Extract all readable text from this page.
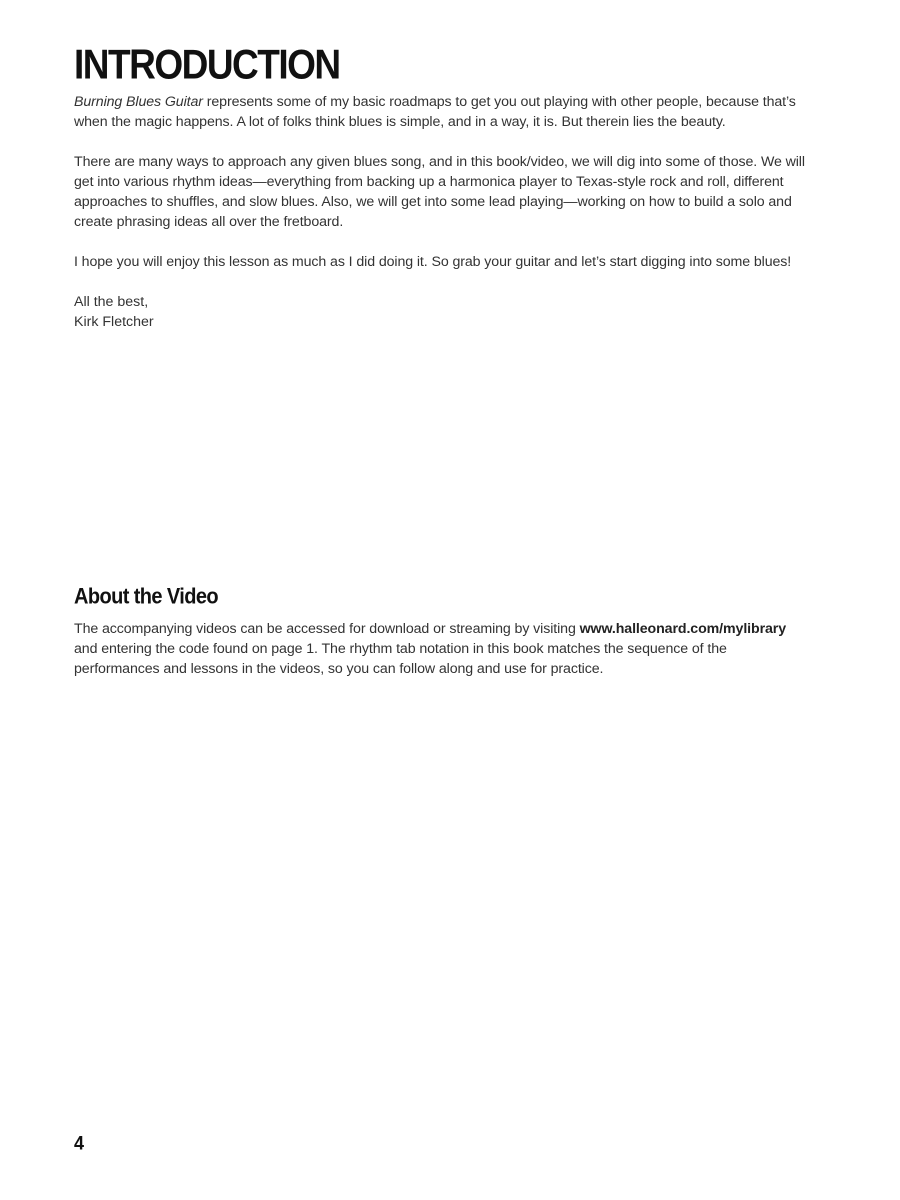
INTRODUCTION

Burning Blues Guitar represents some of my basic roadmaps to get you out playing with other people, because that’s when the magic happens. A lot of folks think blues is simple, and in a way, it is. But therein lies the beauty.

There are many ways to approach any given blues song, and in this book/video, we will dig into some of those. We will get into various rhythm ideas—everything from backing up a harmonica player to Texas-style rock and roll, different approaches to shuffles, and slow blues. Also, we will get into some lead playing—working on how to build a solo and create phrasing ideas all over the fretboard.

I hope you will enjoy this lesson as much as I did doing it. So grab your guitar and let’s start digging into some blues!

All the best,
Kirk Fletcher

About the Video

The accompanying videos can be accessed for download or streaming by visiting www.halleonard.com/mylibrary and entering the code found on page 1. The rhythm tab notation in this book matches the sequence of the performances and lessons in the videos, so you can follow along and use for practice.

4
